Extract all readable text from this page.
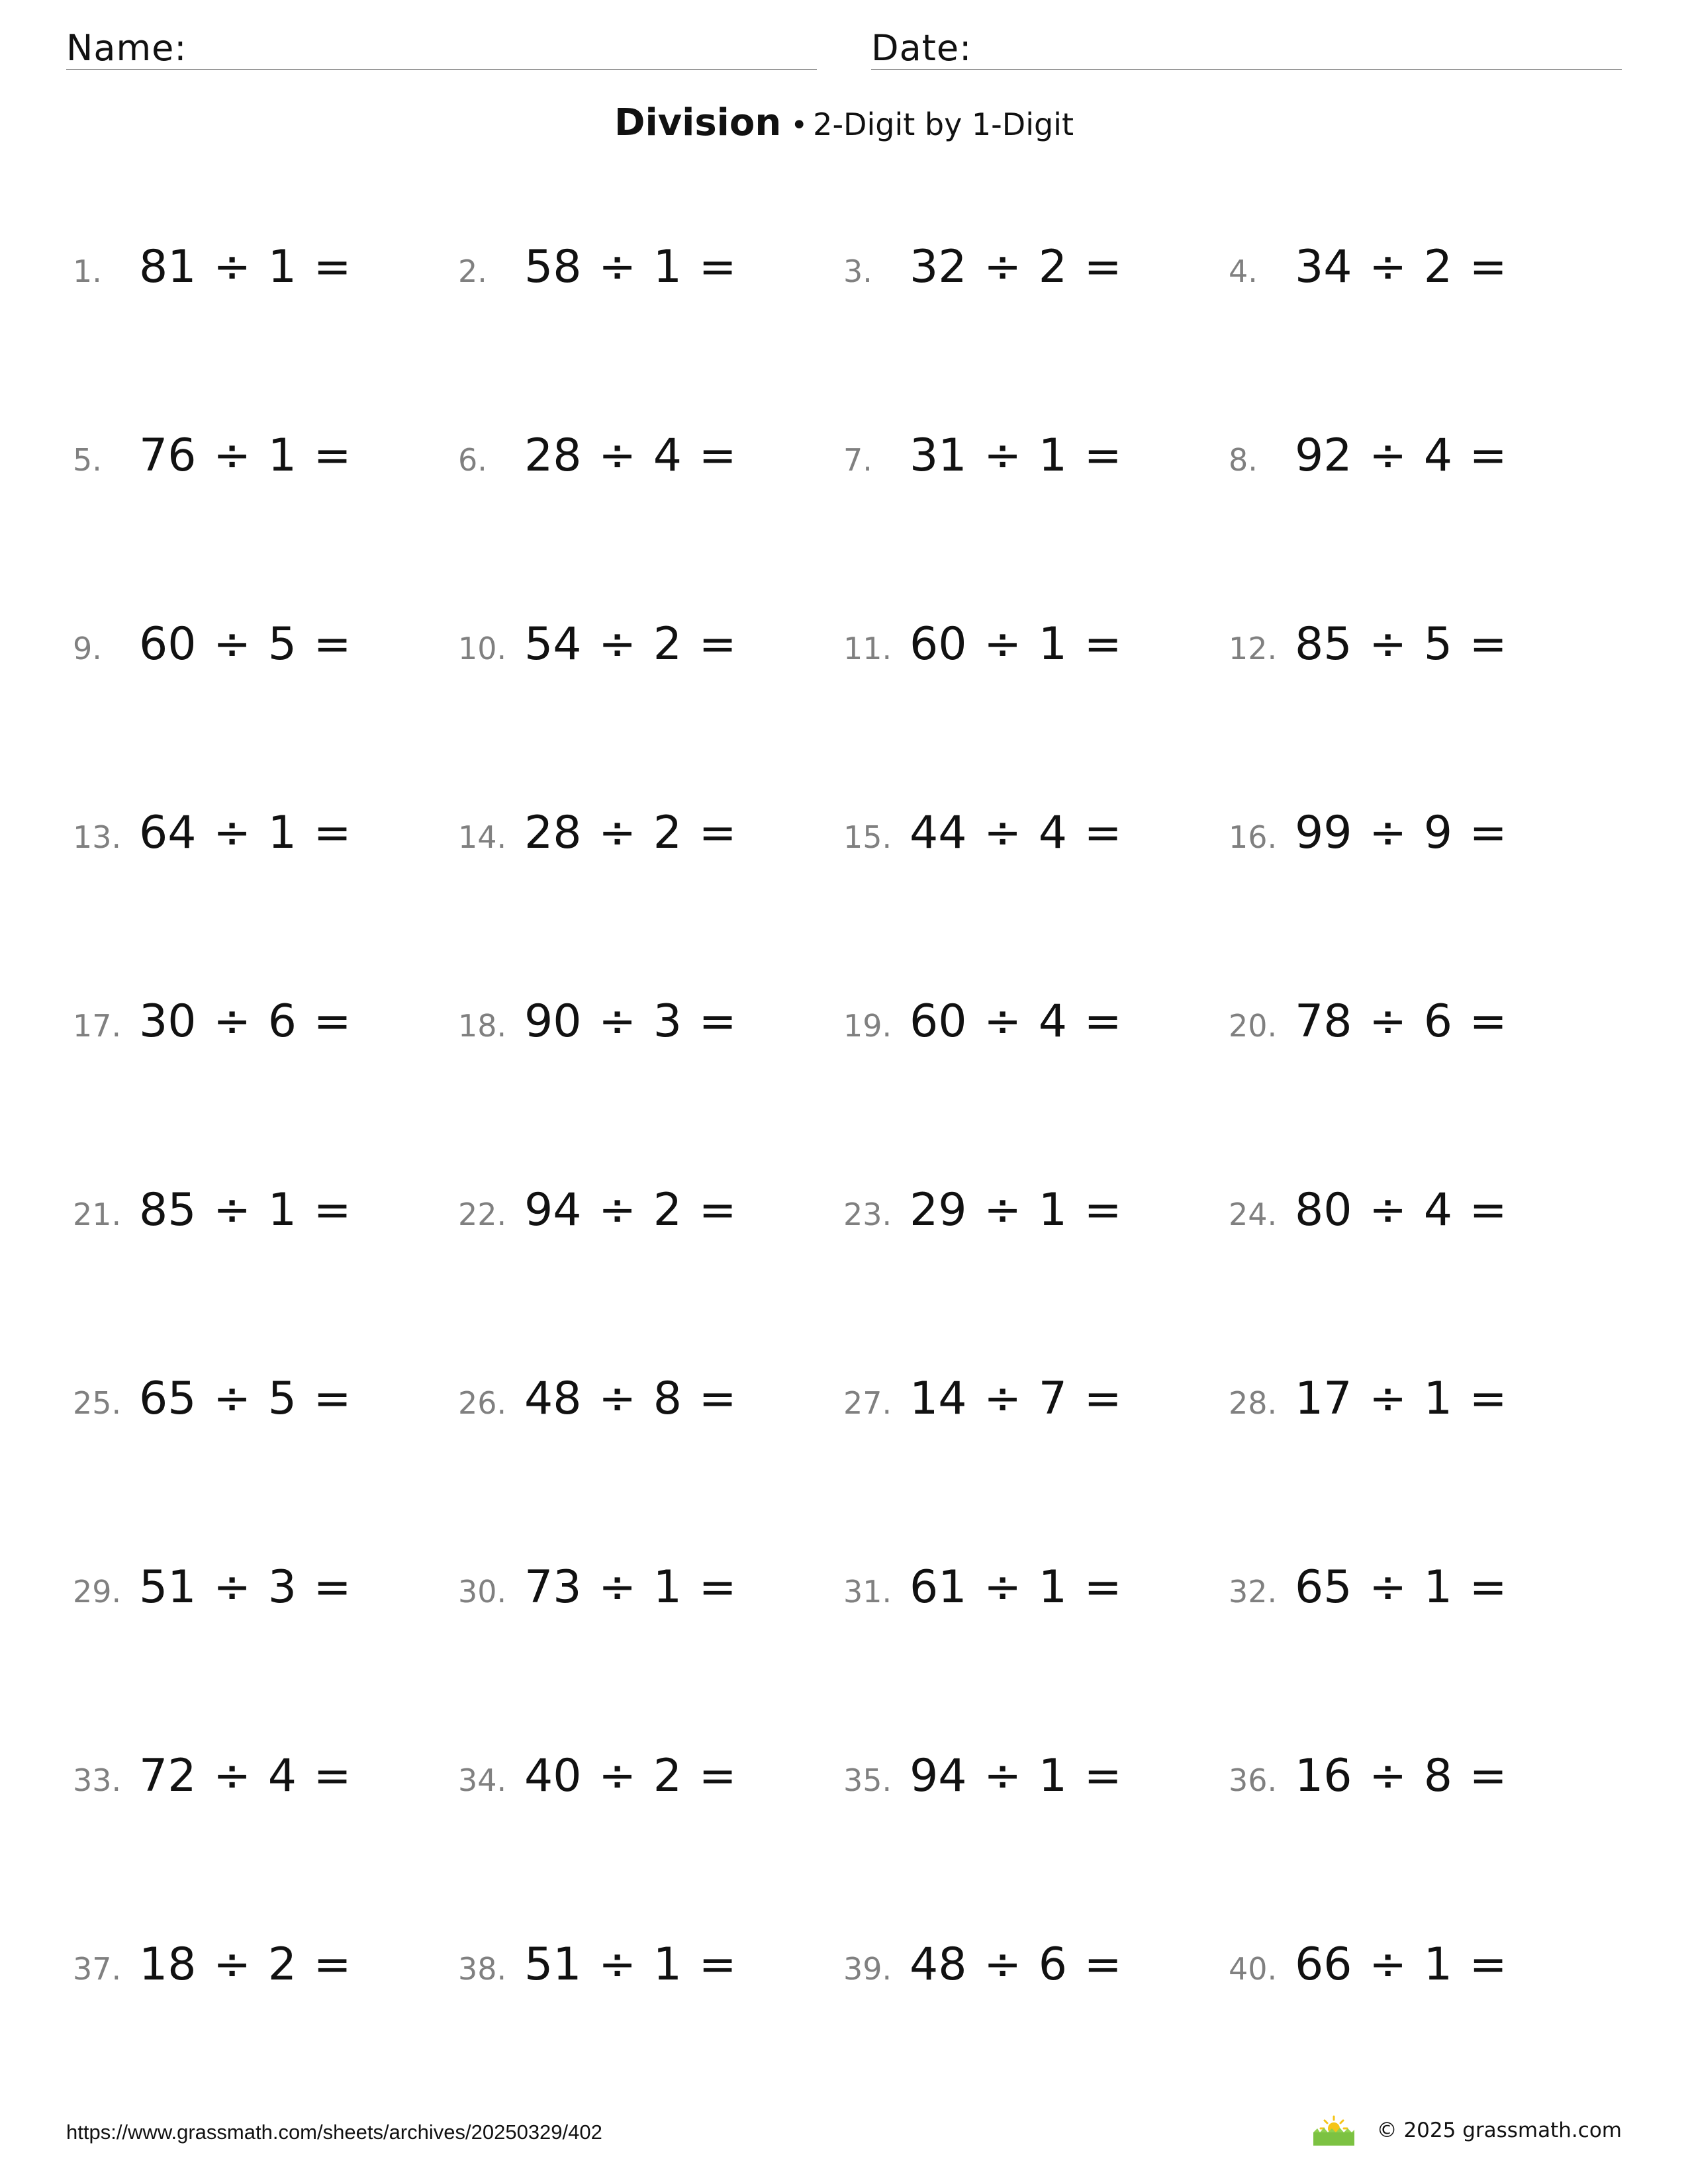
Name:	Date:
Division • 2-Digit by 1-Digit
1. 81 ÷ 1 =	2. 58 ÷ 1 =	3. 32 ÷ 2 =	4. 34 ÷ 2 =
5. 76 ÷ 1 =	6. 28 ÷ 4 =	7. 31 ÷ 1 =	8. 92 ÷ 4 =
9. 60 ÷ 5 =	10. 54 ÷ 2 =	11. 60 ÷ 1 =	12. 85 ÷ 5 =
13. 64 ÷ 1 =	14. 28 ÷ 2 =	15. 44 ÷ 4 =	16. 99 ÷ 9 =
17. 30 ÷ 6 =	18. 90 ÷ 3 =	19. 60 ÷ 4 =	20. 78 ÷ 6 =
21. 85 ÷ 1 =	22. 94 ÷ 2 =	23. 29 ÷ 1 =	24. 80 ÷ 4 =
25. 65 ÷ 5 =	26. 48 ÷ 8 =	27. 14 ÷ 7 =	28. 17 ÷ 1 =
29. 51 ÷ 3 =	30. 73 ÷ 1 =	31. 61 ÷ 1 =	32. 65 ÷ 1 =
33. 72 ÷ 4 =	34. 40 ÷ 2 =	35. 94 ÷ 1 =	36. 16 ÷ 8 =
37. 18 ÷ 2 =	38. 51 ÷ 1 =	39. 48 ÷ 6 =	40. 66 ÷ 1 =
https://www.grassmath.com/sheets/archives/20250329/402	© 2025 grassmath.com
